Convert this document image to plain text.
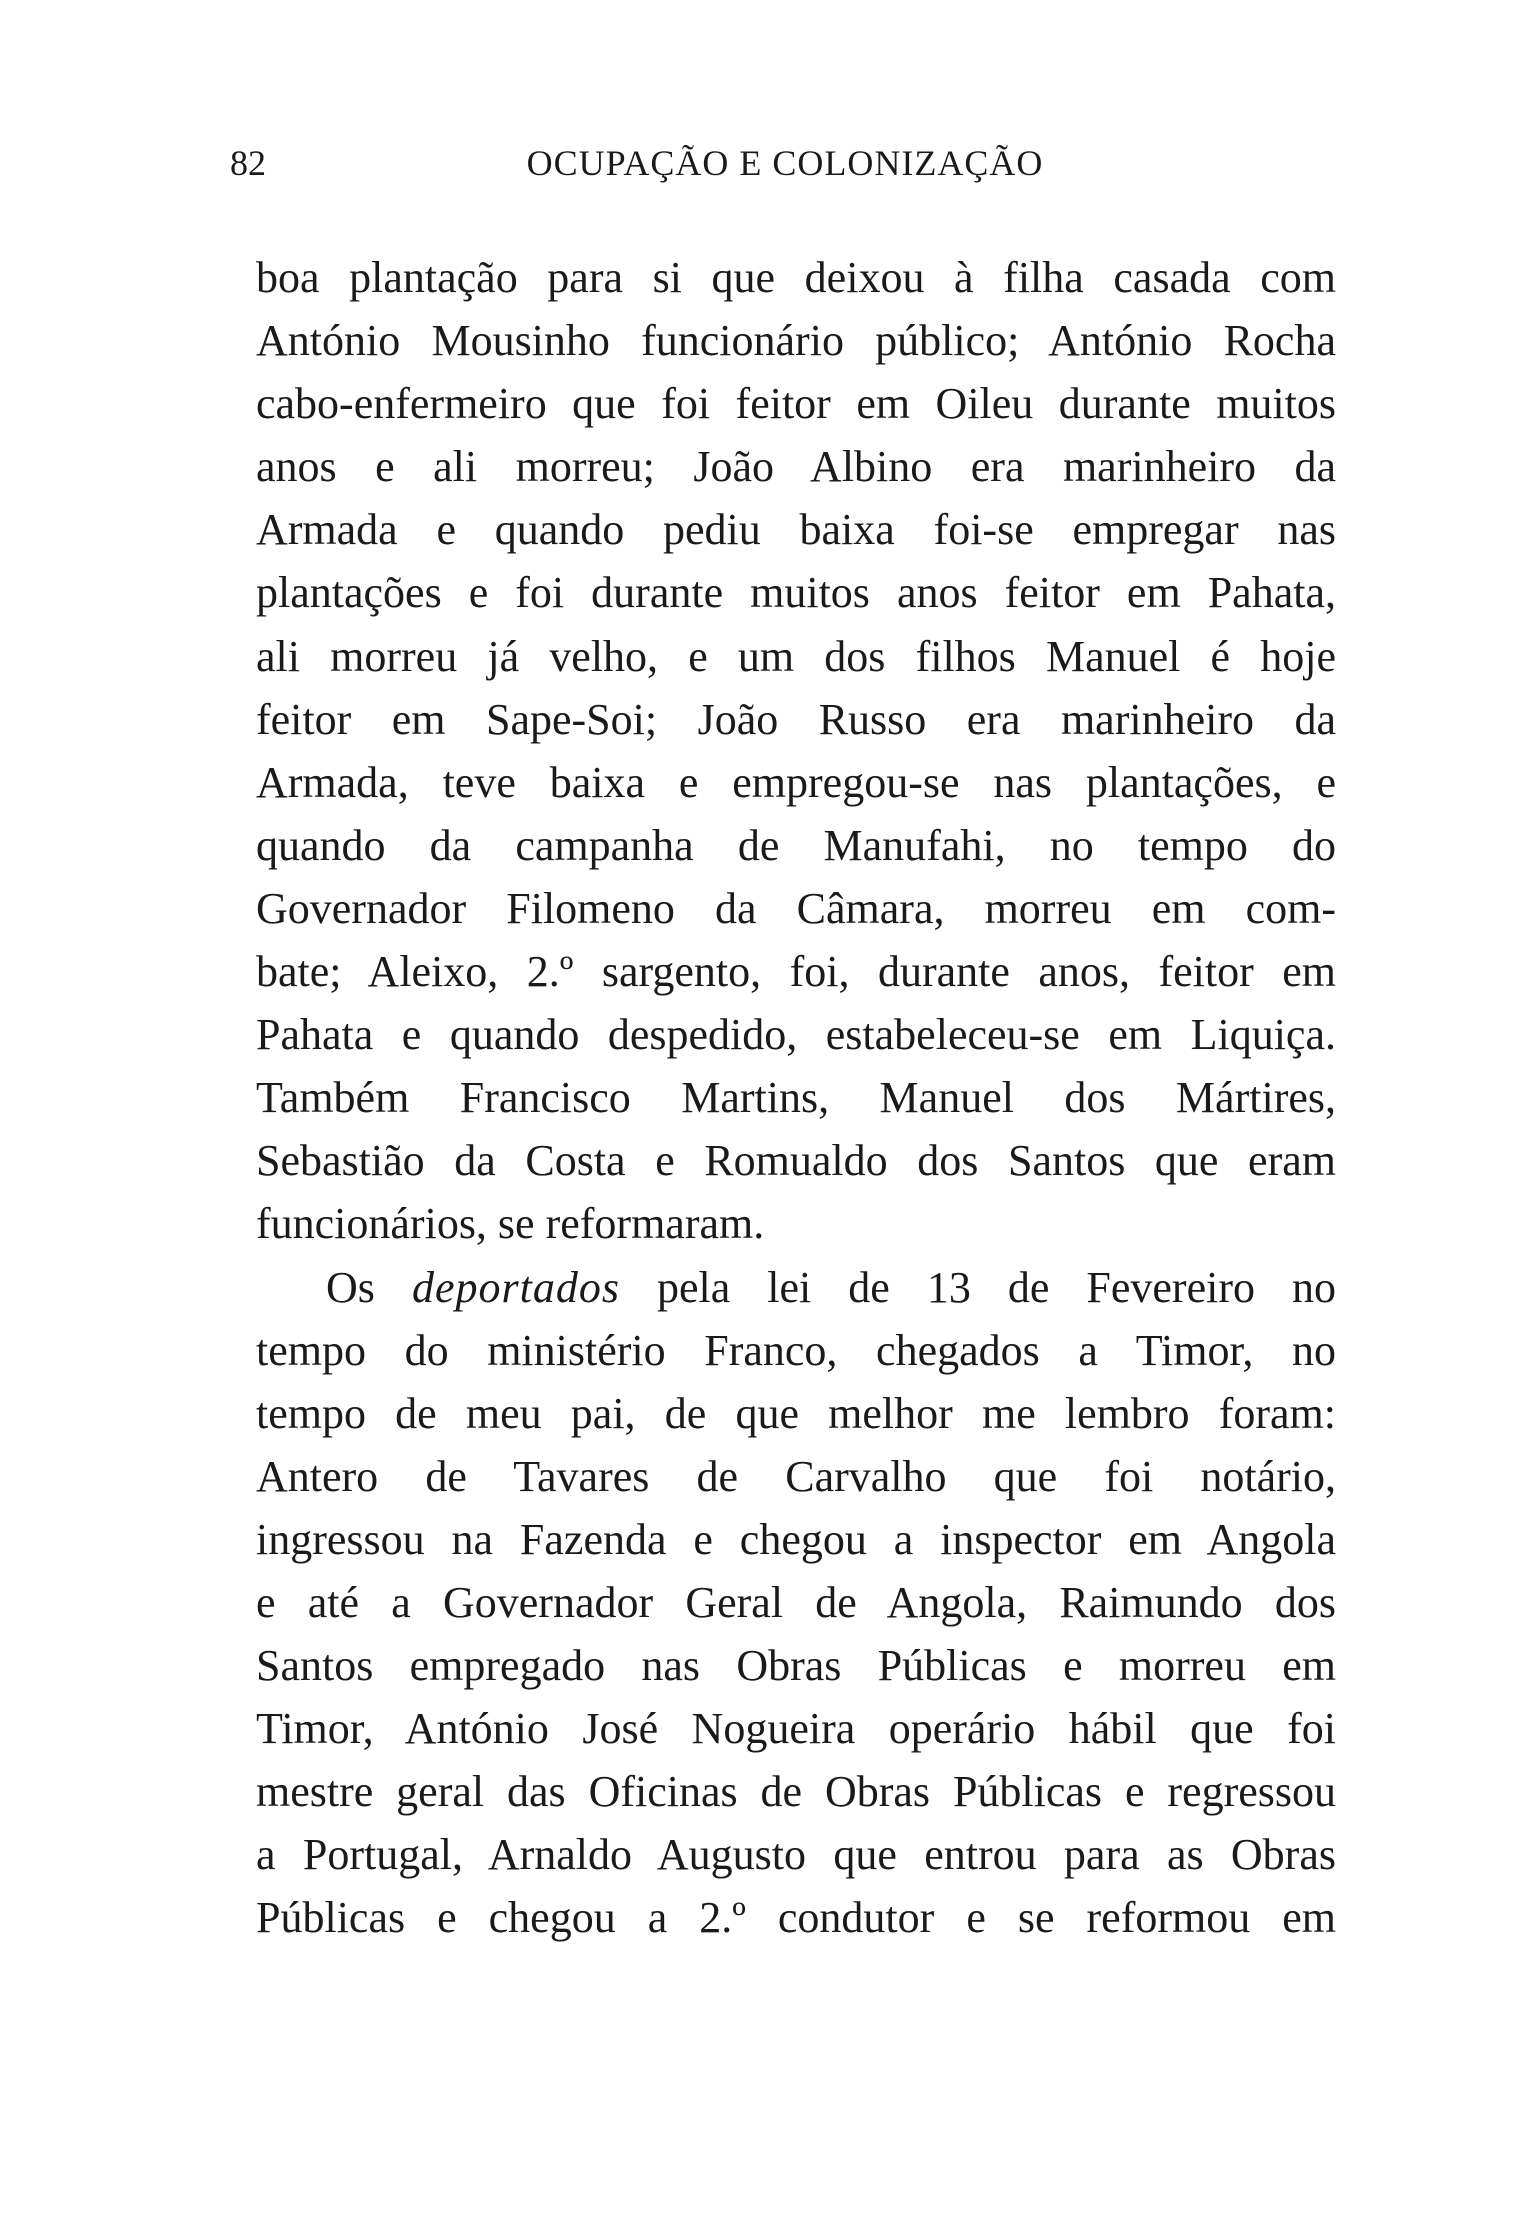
82	OCUPAÇÃO E COLONIZAÇÃO
boa plantação para si que deixou à filha casada com
António Mousinho funcionário público; António Rocha
cabo-enfermeiro que foi feitor em Oileu durante muitos
anos e ali morreu; João Albino era marinheiro da
Armada e quando pediu baixa foi-se empregar nas
plantações e foi durante muitos anos feitor em Pahata,
ali morreu já velho, e um dos filhos Manuel é hoje
feitor em Sape-Soi; João Russo era marinheiro da
Armada, teve baixa e empregou-se nas plantações, e
quando da campanha de Manufahi, no tempo do
Governador Filomeno da Câmara, morreu em com-
bate; Aleixo, 2.º sargento, foi, durante anos, feitor em
Pahata e quando despedido, estabeleceu-se em Liquiça.
Também Francisco Martins, Manuel dos Mártires,
Sebastião da Costa e Romualdo dos Santos que eram
funcionários, se reformaram.
Os deportados pela lei de 13 de Fevereiro no
tempo do ministério Franco, chegados a Timor, no
tempo de meu pai, de que melhor me lembro foram:
Antero de Tavares de Carvalho que foi notário,
ingressou na Fazenda e chegou a inspector em Angola
e até a Governador Geral de Angola, Raimundo dos
Santos empregado nas Obras Públicas e morreu em
Timor, António José Nogueira operário hábil que foi
mestre geral das Oficinas de Obras Públicas e regressou
a Portugal, Arnaldo Augusto que entrou para as Obras
Públicas e chegou a 2.º condutor e se reformou em
